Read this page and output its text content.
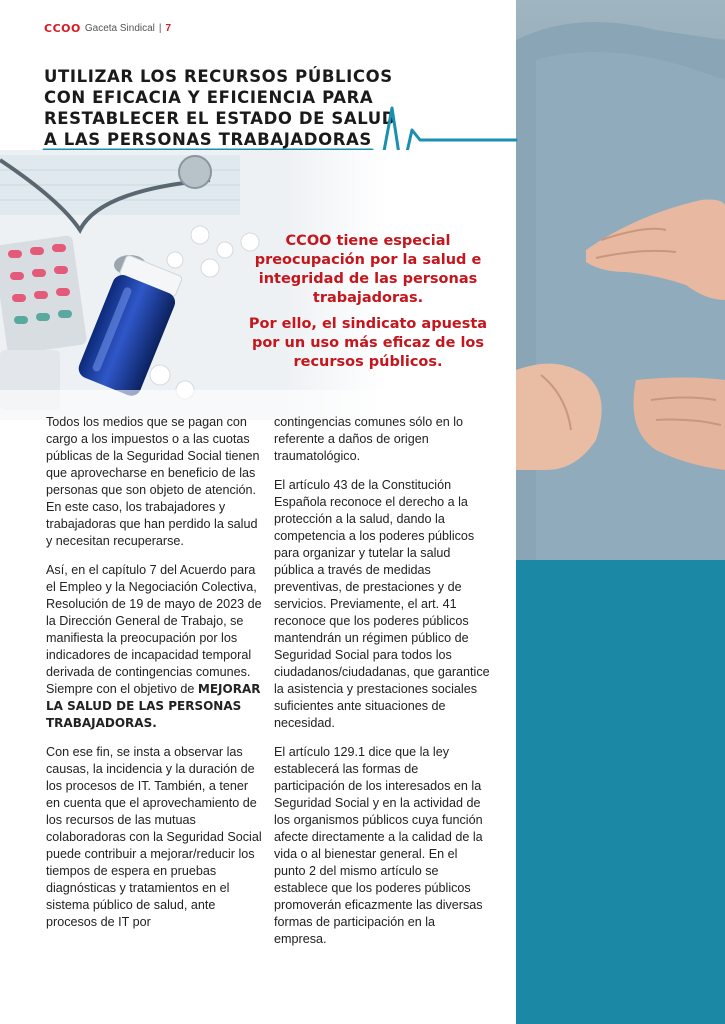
CCOO Gaceta Sindical | 7
UTILIZAR LOS RECURSOS PÚBLICOS
CON EFICACIA Y EFICIENCIA PARA
RESTABLECER EL ESTADO DE SALUD
A LAS PERSONAS TRABAJADORAS

CCOO tiene especial preocupación por la salud e integridad de las personas trabajadoras.

Por ello, el sindicato apuesta por un uso más eficaz de los recursos públicos.

Todos los medios que se pagan con cargo a los impuestos o a las cuotas públicas de la Seguridad Social tienen que aprovecharse en beneficio de las personas que son objeto de atención. En este caso, los trabajadores y trabajadoras que han perdido la salud y necesitan recuperarse.

Así, en el capítulo 7 del Acuerdo para el Empleo y la Negociación Colectiva, Resolución de 19 de mayo de 2023 de la Dirección General de Trabajo, se manifiesta la preocupación por los indicadores de incapacidad temporal derivada de contingencias comunes. Siempre con el objetivo de MEJORAR LA SALUD DE LAS PERSONAS TRABAJADORAS.

Con ese fin, se insta a observar las causas, la incidencia y la duración de los procesos de IT. También, a tener en cuenta que el aprovechamiento de los recursos de las mutuas colaboradoras con la Seguridad Social puede contribuir a mejorar/reducir los tiempos de espera en pruebas diagnósticas y tratamientos en el sistema público de salud, ante procesos de IT por

contingencias comunes sólo en lo referente a daños de origen traumatológico.

El artículo 43 de la Constitución Española reconoce el derecho a la protección a la salud, dando la competencia a los poderes públicos para organizar y tutelar la salud pública a través de medidas preventivas, de prestaciones y de servicios. Previamente, el art. 41 reconoce que los poderes públicos mantendrán un régimen público de Seguridad Social para todos los ciudadanos/ciudadanas, que garantice la asistencia y prestaciones sociales suficientes ante situaciones de necesidad.

El artículo 129.1 dice que la ley establecerá las formas de participación de los interesados en la Seguridad Social y en la actividad de los organismos públicos cuya función afecte directamente a la calidad de la vida o al bienestar general. En el punto 2 del mismo artículo se establece que los poderes públicos promoverán eficazmente las diversas formas de participación en la empresa.
